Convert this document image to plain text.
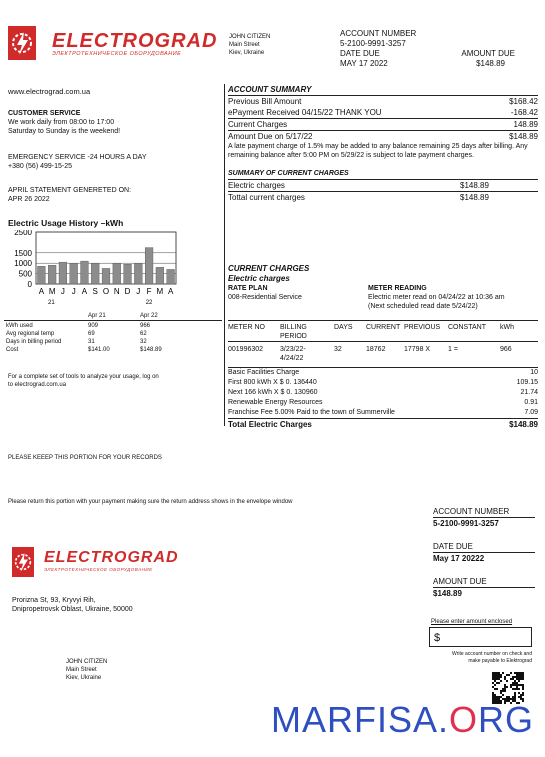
ELECTROGRAD
ЭЛЕКТРОТЕХНИЧЕСКОЕ ОБОРУДОВАНИЕ
JOHN CITIZEN
Main Street
Kiev, Ukraine
ACCOUNT NUMBER
5-2100-9991-3257
DATE DUE	AMOUNT DUE
MAY 17 2022	$148.89
www.electrograd.com.ua
CUSTOMER SERVICE
We work daily from 08:00 to 17:00
Saturday to Sunday is the weekend!
EMERGENCY SERVICE -24 HOURS A DAY
+380 (56) 499-15-25
APRIL STATEMENT GENERETED ON:
APR 26 2022
Electric Usage History –kWh
2500
1500
1000
500
0
A M J J A S O N D J F M A
21	22
	Apr 21	Apr 22

kWh used	909	966
Avg regional temp	69	62
Days in billing period	31	32
Cost	$141.00	$148.89
For a complete set of tools to analyze your usage, log on
to electrograd.com.ua
PLEASE KEEEP THIS PORTION FOR YOUR RECORDS
ACCOUNT SUMMARY
Previous Bill Amount	$168.42
ePayment Received 04/15/22 THANK YOU	-168.42
Current Charges	148.89
Amount Due on 5/17/22	$148.89
A late payment charge of 1.5% may be added to any balance remaining 25 days after billing. Any remaining balance after 5:00 PM on 5/29/22 is subject to late payment charges.
SUMMARY OF CURRENT CHARGES
Electric charges	$148.89
Tottal current charges	$148.89
CURRENT CHARGES
Electric charges
RATE PLAN
008-Residential Service
METER READING
Electric meter read on 04/24/22 at 10:36 am
(Next scheduled read date 5/24/22)
METER NO	BILLING PERIOD	DAYS	CURRENT	PREVIOUS	CONSTANT	kWh
001996302	3/23/22-
4/24/22	32	18762	17798 X	1 =	966
Basic Facilities Charge	10
First 800 kWh X $ 0. 136440	109.15
Next 166 kWh X $ 0. 130960	21.74
Renewable Energy Resources	0.91
Franchise Fee 5.00% Paid to the town of Summerville	7.09
Total Electric Charges	$148.89
Please return this portion with your payment making sure the return address shows in the envelope window
ELECTROGRAD
ЭЛЕКТРОТЕХНИЧЕСКОЕ ОБОРУДОВАНИЕ
Prorizna St, 93, Kryvyi Rih,
Dnipropetrovsk Oblast, Ukraine, 50000
JOHN CITIZEN
Main Street
Kiev, Ukraine
ACCOUNT NUMBER
5-2100-9991-3257
DATE DUE
May 17 20222
AMOUNT DUE
$148.89
Please enter amount enclosed
$
Write account number on check and
make payable to Elektrograd
MARFISA.ORG
